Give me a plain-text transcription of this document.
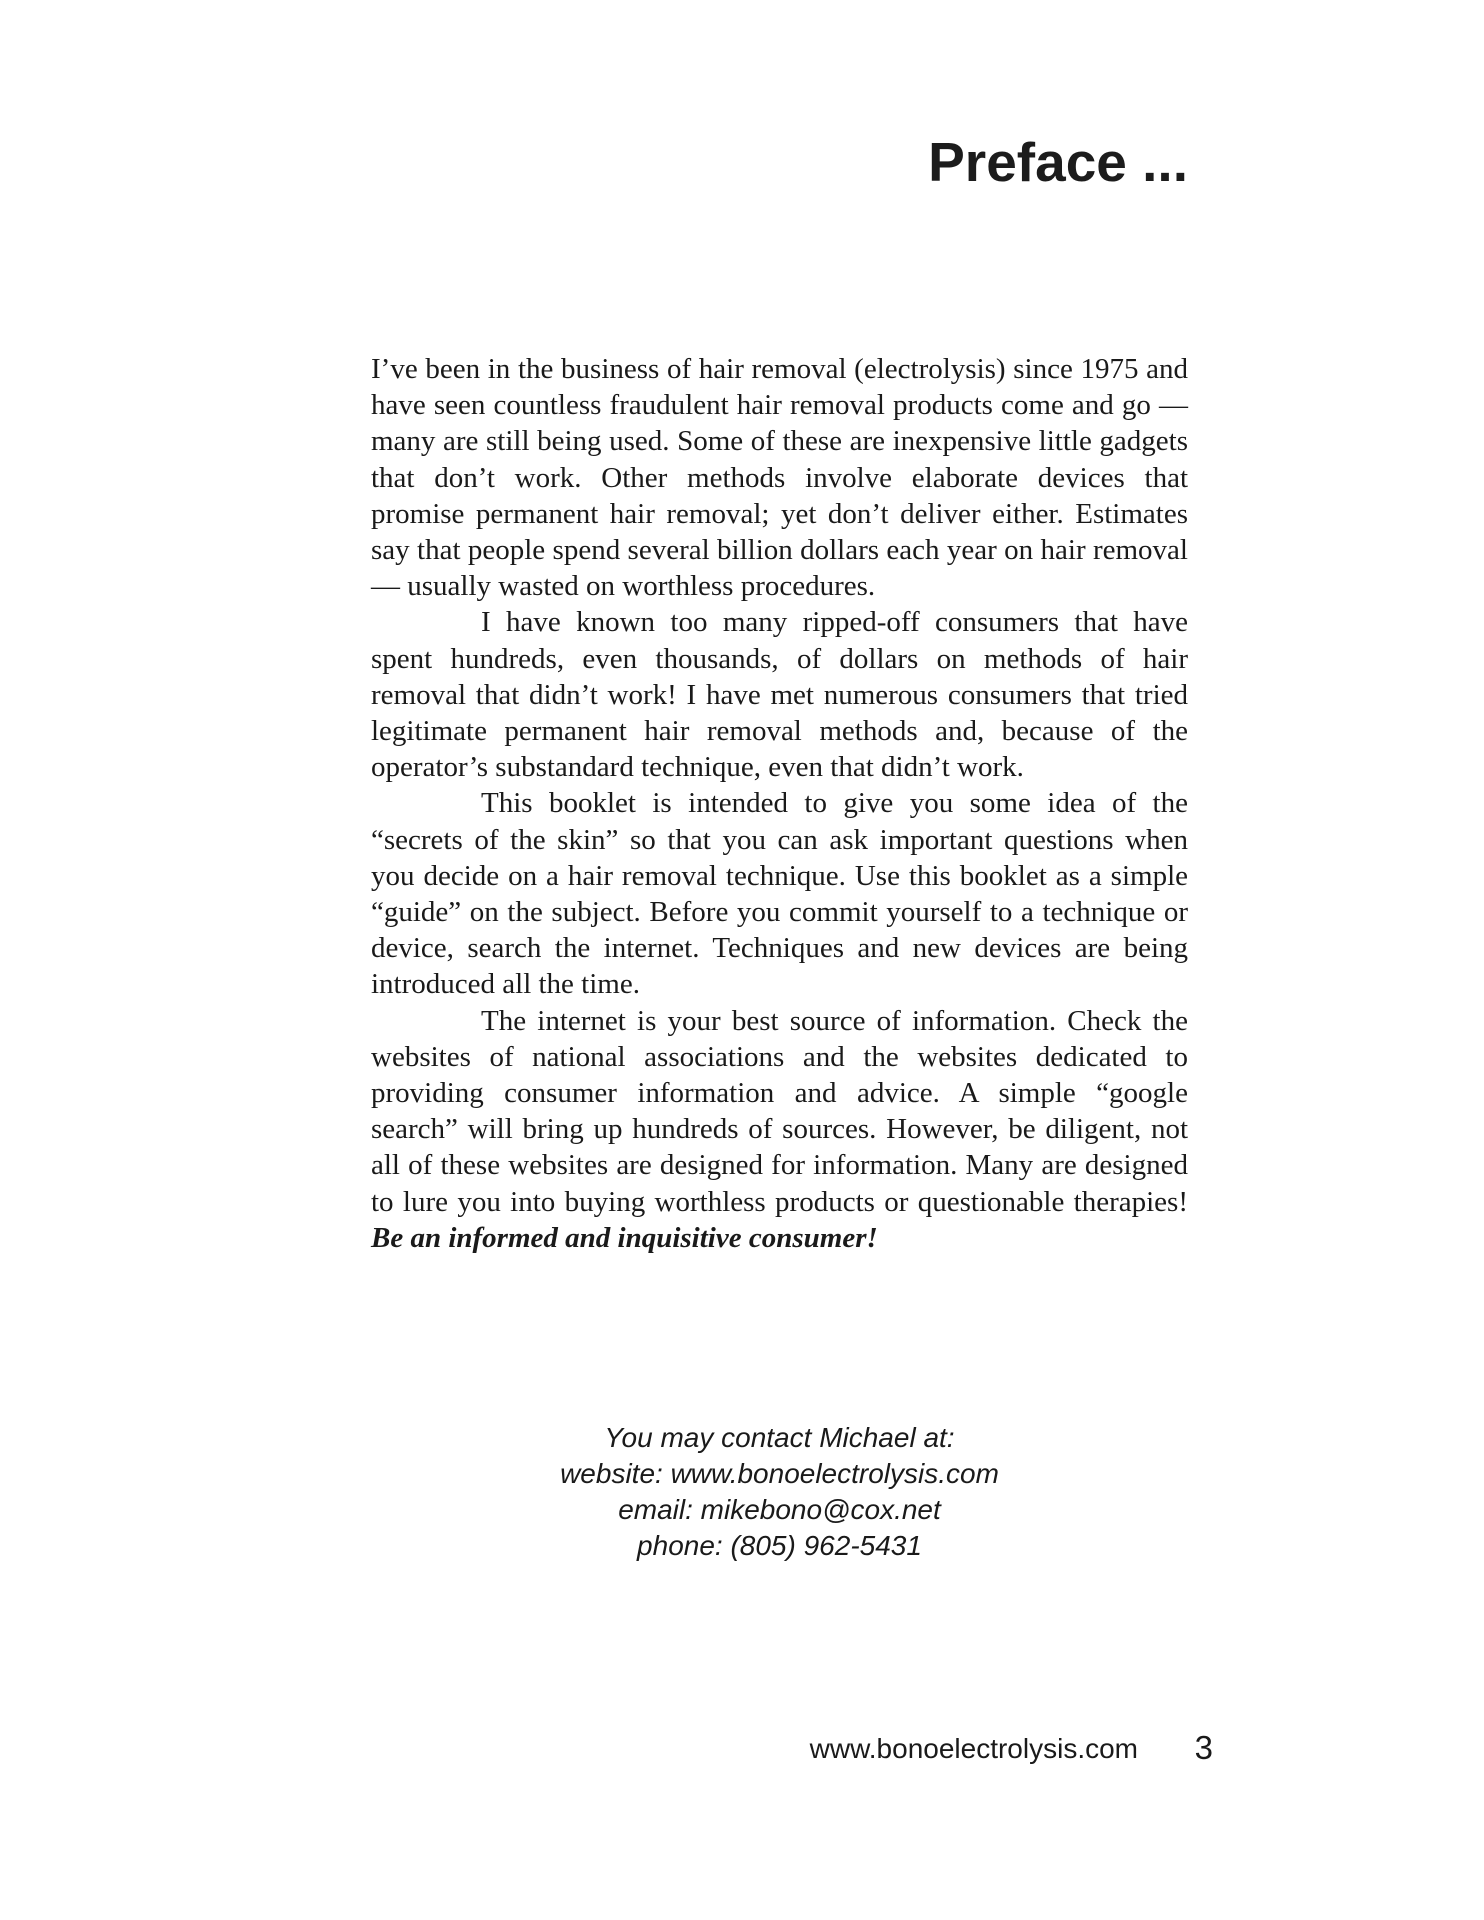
Preface ...

I’ve been in the business of hair removal (electrolysis) since 1975 and have seen countless fraudulent hair removal products come and go — many are still being used. Some of these are inexpensive little gadgets that don’t work. Other methods involve elaborate devices that promise permanent hair removal; yet don’t deliver either. Estimates say that people spend several billion dollars each year on hair removal — usually wasted on worthless procedures.

I have known too many ripped-off consumers that have spent hundreds, even thousands, of dollars on methods of hair removal that didn’t work! I have met numerous consumers that tried legitimate permanent hair removal methods and, because of the operator’s substandard technique, even that didn’t work.

This booklet is intended to give you some idea of the “secrets of the skin” so that you can ask important questions when you decide on a hair removal technique. Use this booklet as a simple “guide” on the subject. Before you commit yourself to a technique or device, search the internet. Techniques and new devices are being introduced all the time.

The internet is your best source of information. Check the websites of national associations and the websites dedicated to providing consumer information and advice. A simple “google search” will bring up hundreds of sources. However, be diligent, not all of these websites are designed for information. Many are designed to lure you into buying worthless products or questionable therapies! Be an informed and inquisitive consumer!

You may contact Michael at:
website: www.bonoelectrolysis.com
email: mikebono@cox.net
phone: (805) 962-5431
www.bonoelectrolysis.com 3
